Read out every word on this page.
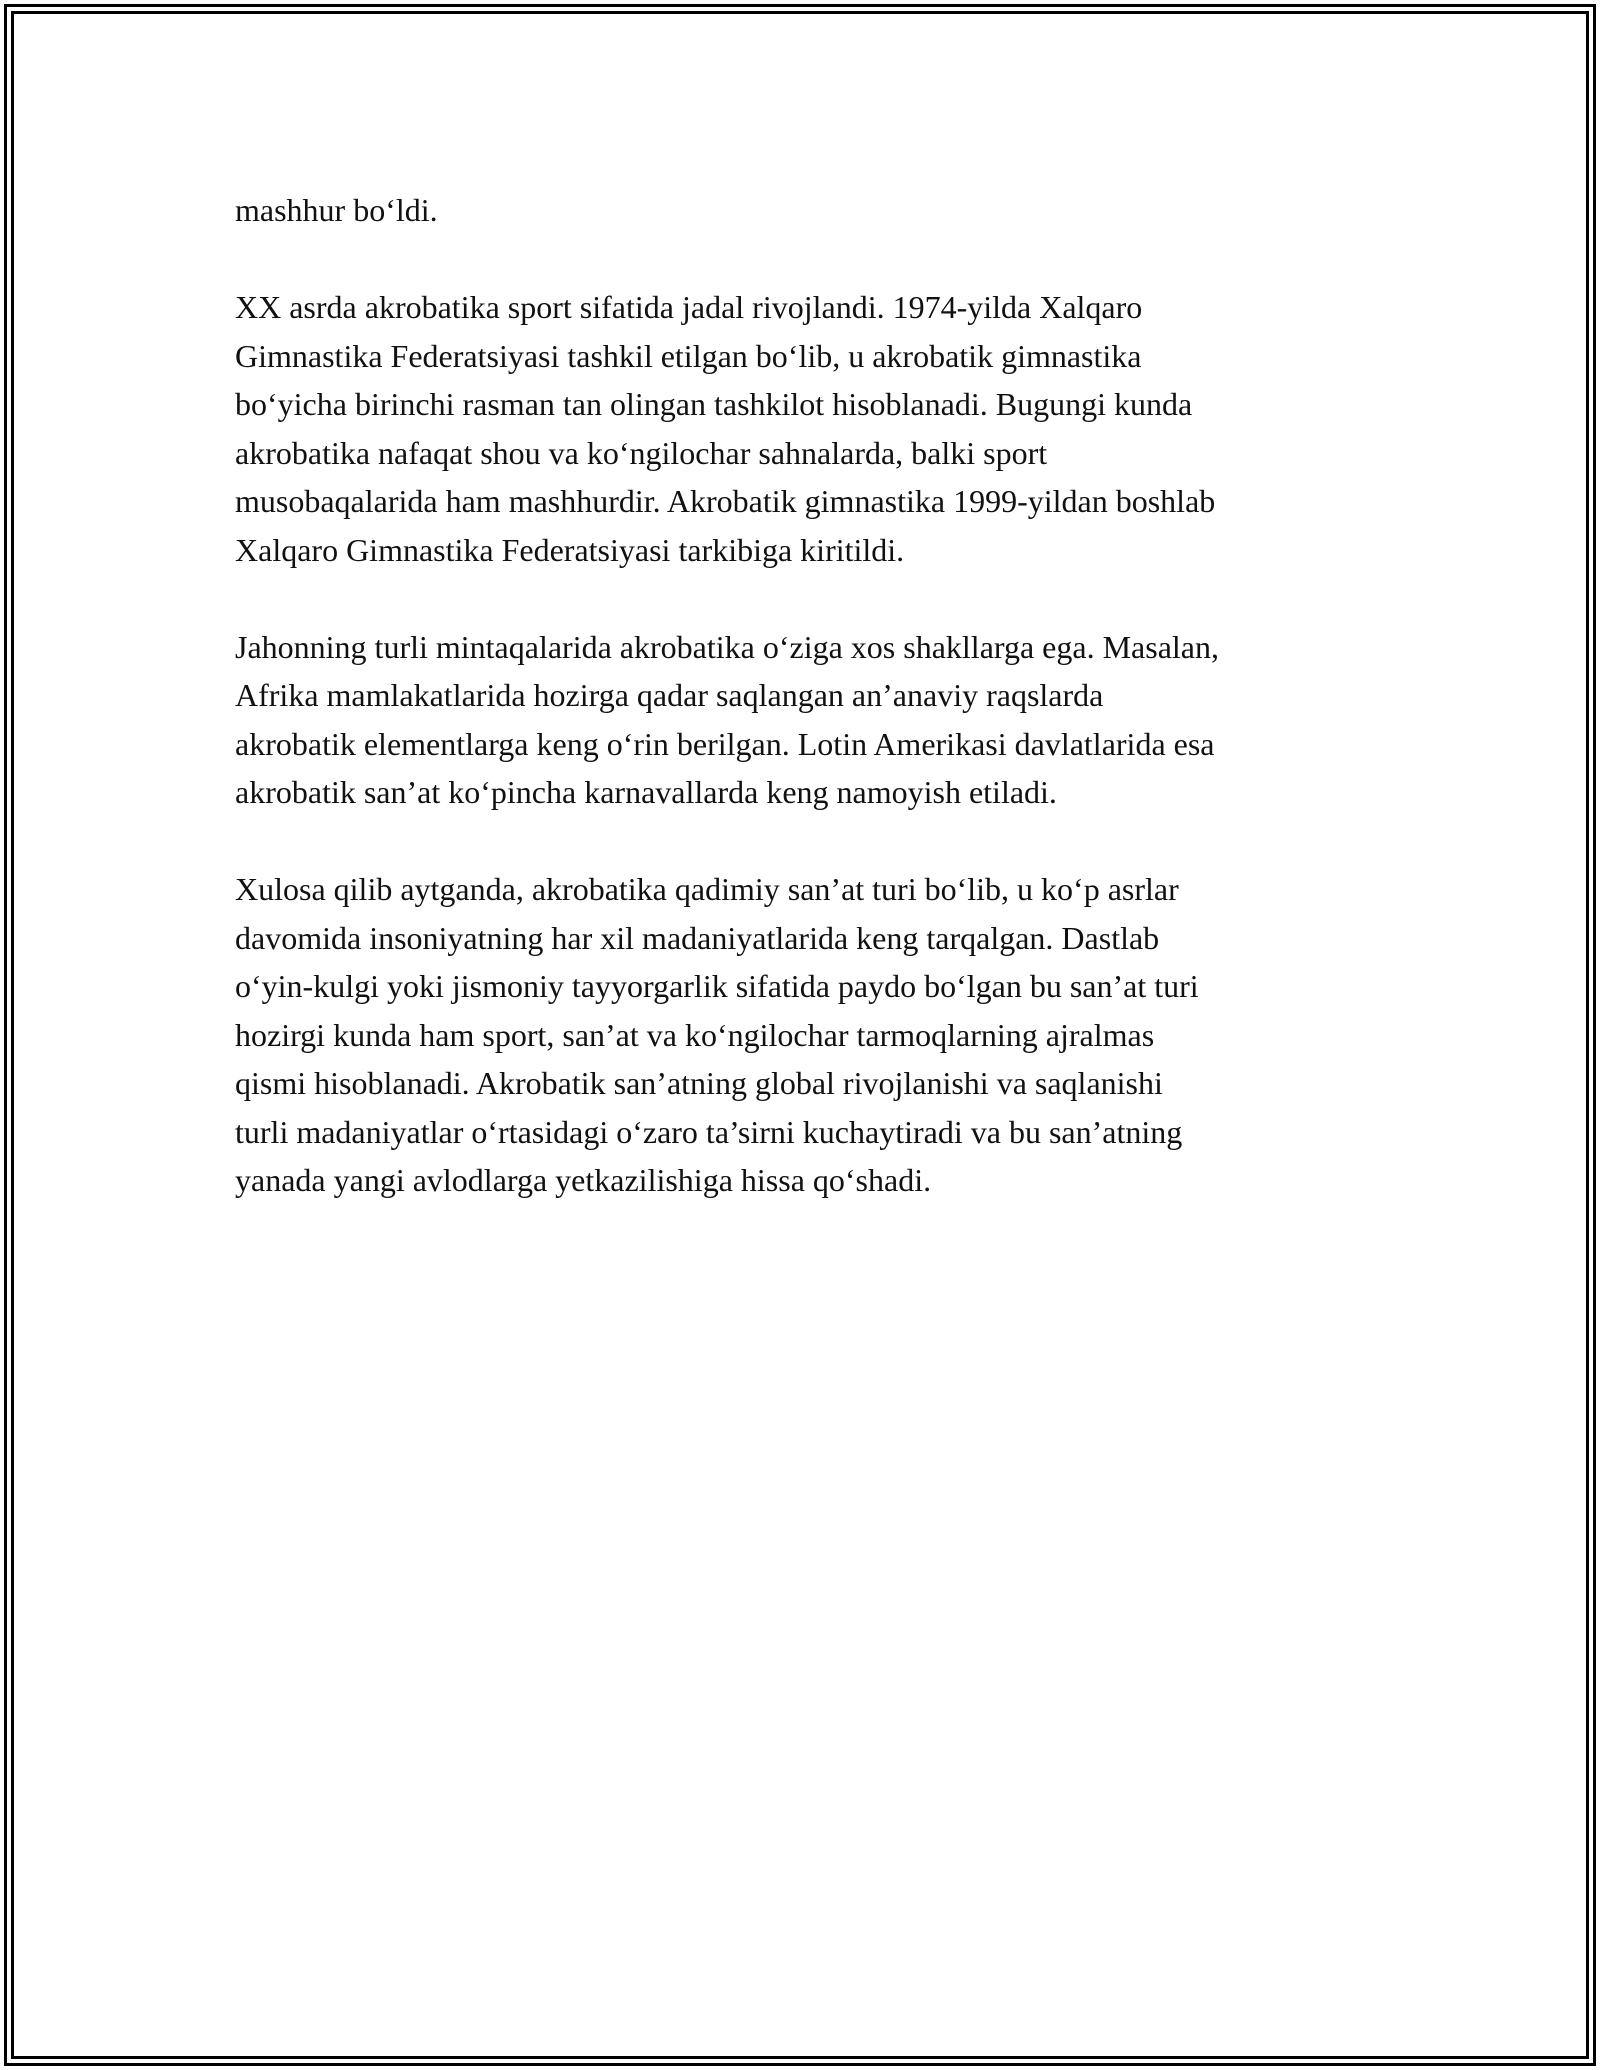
mashhur bo‘ldi.

XX asrda akrobatika sport sifatida jadal rivojlandi. 1974-yilda Xalqaro
Gimnastika Federatsiyasi tashkil etilgan bo‘lib, u akrobatik gimnastika
bo‘yicha birinchi rasman tan olingan tashkilot hisoblanadi. Bugungi kunda
akrobatika nafaqat shou va ko‘ngilochar sahnalarda, balki sport
musobaqalarida ham mashhurdir. Akrobatik gimnastika 1999-yildan boshlab
Xalqaro Gimnastika Federatsiyasi tarkibiga kiritildi.

Jahonning turli mintaqalarida akrobatika o‘ziga xos shakllarga ega. Masalan,
Afrika mamlakatlarida hozirga qadar saqlangan an’anaviy raqslarda
akrobatik elementlarga keng o‘rin berilgan. Lotin Amerikasi davlatlarida esa
akrobatik san’at ko‘pincha karnavallarda keng namoyish etiladi.

Xulosa qilib aytganda, akrobatika qadimiy san’at turi bo‘lib, u ko‘p asrlar
davomida insoniyatning har xil madaniyatlarida keng tarqalgan. Dastlab
o‘yin-kulgi yoki jismoniy tayyorgarlik sifatida paydo bo‘lgan bu san’at turi
hozirgi kunda ham sport, san’at va ko‘ngilochar tarmoqlarning ajralmas
qismi hisoblanadi. Akrobatik san’atning global rivojlanishi va saqlanishi
turli madaniyatlar o‘rtasidagi o‘zaro ta’sirni kuchaytiradi va bu san’atning
yanada yangi avlodlarga yetkazilishiga hissa qo‘shadi.
